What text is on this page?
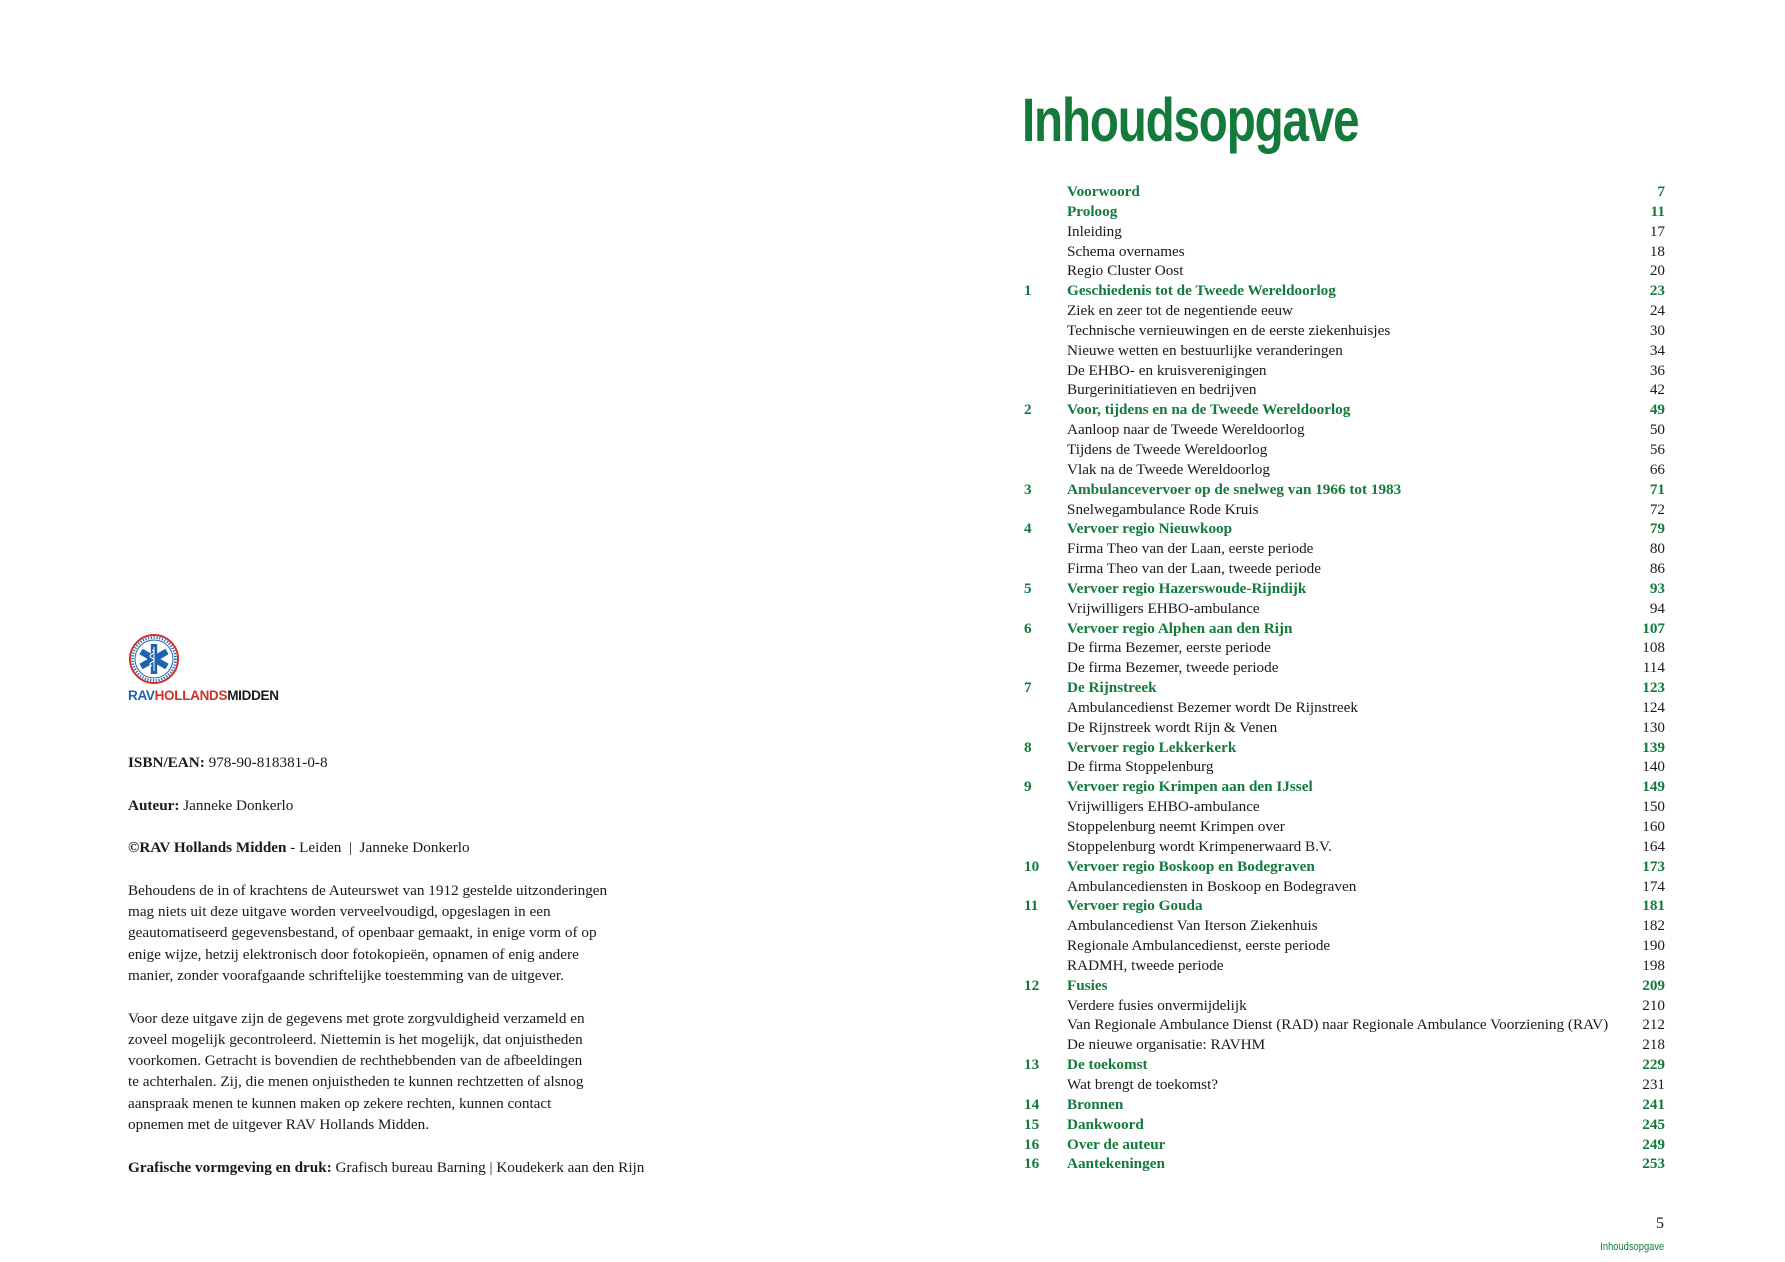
RAVHOLLANDSMIDDEN

ISBN/EAN: 978-90-818381-0-8

Auteur: Janneke Donkerlo

©RAV Hollands Midden - Leiden  |  Janneke Donkerlo

Behoudens de in of krachtens de Auteurswet van 1912 gestelde uitzonderingen
mag niets uit deze uitgave worden verveelvoudigd, opgeslagen in een
geautomatiseerd gegevensbestand, of openbaar gemaakt, in enige vorm of op
enige wijze, hetzij elektronisch door fotokopieën, opnamen of enig andere
manier, zonder voorafgaande schriftelijke toestemming van de uitgever.

Voor deze uitgave zijn de gegevens met grote zorgvuldigheid verzameld en
zoveel mogelijk gecontroleerd. Niettemin is het mogelijk, dat onjuistheden
voorkomen. Getracht is bovendien de rechthebbenden van de afbeeldingen
te achterhalen. Zij, die menen onjuistheden te kunnen rechtzetten of alsnog
aanspraak menen te kunnen maken op zekere rechten, kunnen contact
opnemen met de uitgever RAV Hollands Midden.

Grafische vormgeving en druk: Grafisch bureau Barning | Koudekerk aan den Rijn

Inhoudsopgave
Voorwoord	7
Proloog	11
Inleiding	17
Schema overnames	18
Regio Cluster Oost	20
1 Geschiedenis tot de Tweede Wereldoorlog	23
Ziek en zeer tot de negentiende eeuw	24
Technische vernieuwingen en de eerste ziekenhuisjes	30
Nieuwe wetten en bestuurlijke veranderingen	34
De EHBO- en kruisverenigingen	36
Burgerinitiatieven en bedrijven	42
2 Voor, tijdens en na de Tweede Wereldoorlog	49
Aanloop naar de Tweede Wereldoorlog	50
Tijdens de Tweede Wereldoorlog	56
Vlak na de Tweede Wereldoorlog	66
3 Ambulancevervoer op de snelweg van 1966 tot 1983	71
Snelwegambulance Rode Kruis	72
4 Vervoer regio Nieuwkoop	79
Firma Theo van der Laan, eerste periode	80
Firma Theo van der Laan, tweede periode	86
5 Vervoer regio Hazerswoude-Rijndijk	93
Vrijwilligers EHBO-ambulance	94
6 Vervoer regio Alphen aan den Rijn	107
De firma Bezemer, eerste periode	108
De firma Bezemer, tweede periode	114
7 De Rijnstreek	123
Ambulancedienst Bezemer wordt De Rijnstreek	124
De Rijnstreek wordt Rijn & Venen	130
8 Vervoer regio Lekkerkerk	139
De firma Stoppelenburg	140
9 Vervoer regio Krimpen aan den IJssel	149
Vrijwilligers EHBO-ambulance	150
Stoppelenburg neemt Krimpen over	160
Stoppelenburg wordt Krimpenerwaard B.V.	164
10 Vervoer regio Boskoop en Bodegraven	173
Ambulancediensten in Boskoop en Bodegraven	174
11 Vervoer regio Gouda	181
Ambulancedienst Van Iterson Ziekenhuis	182
Regionale Ambulancedienst, eerste periode	190
RADMH, tweede periode	198
12 Fusies	209
Verdere fusies onvermijdelijk	210
Van Regionale Ambulance Dienst (RAD) naar Regionale Ambulance Voorziening (RAV) 212
De nieuwe organisatie: RAVHM	218
13 De toekomst	229
Wat brengt de toekomst?	231
14 Bronnen	241
15 Dankwoord	245
16 Over de auteur	249
16 Aantekeningen	253
5
Inhoudsopgave
